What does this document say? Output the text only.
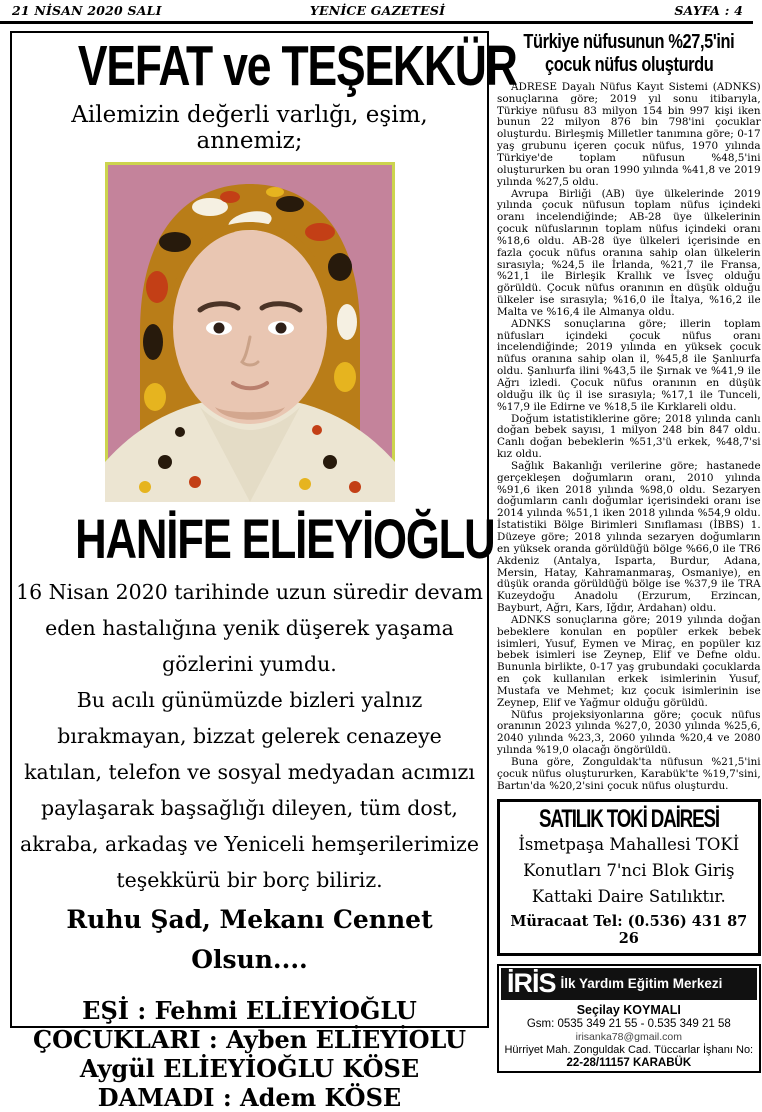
21 NİSAN 2020 SALI	YENİCE GAZETESİ	SAYFA : 4
VEFAT ve TEŞEKKÜR
Ailemizin değerli varlığı, eşim, annemiz;
HANİFE ELİEYİOĞLU

16 Nisan 2020 tarihinde uzun süredir devam eden hastalığına yenik düşerek yaşama gözlerini yumdu.

Bu acılı günümüzde bizleri yalnız bırakmayan, bizzat gelerek cenazeye katılan, telefon ve sosyal medyadan acımızı paylaşarak başsağlığı dileyen, tüm dost, akraba, arkadaş ve Yeniceli hemşerilerimize teşekkürü bir borç biliriz.

Ruhu Şad, Mekanı Cennet Olsun....

EŞİ : Fehmi ELİEYİOĞLU

ÇOCUKLARI : Ayben ELİEYİOLU

Aygül ELİEYİOĞLU KÖSE

DAMADI : Adem KÖSE

Türkiye nüfusunun %27,5'ini
çocuk nüfus oluşturdu

ADRESE Dayalı Nüfus Kayıt Sistemi (ADNKS) sonuçlarına göre; 2019 yıl sonu itibarıyla, Türkiye nüfusu 83 milyon 154 bin 997 kişi iken bunun 22 milyon 876 bin 798'ini çocuklar oluşturdu. Birleşmiş Milletler tanımına göre; 0-17 yaş grubunu içeren çocuk nüfus, 1970 yılında Türkiye'de toplam nüfusun %48,5'ini oluştururken bu oran 1990 yılında %41,8 ve 2019 yılında %27,5 oldu.

Avrupa Birliği (AB) üye ülkelerinde 2019 yılında çocuk nüfusun toplam nüfus içindeki oranı incelendiğinde; AB-28 üye ülkelerinin çocuk nüfuslarının toplam nüfus içindeki oranı %18,6 oldu. AB-28 üye ülkeleri içerisinde en fazla çocuk nüfus oranına sahip olan ülkelerin sırasıyla; %24,5 ile İrlanda, %21,7 ile Fransa, %21,1 ile Birleşik Krallık ve İsveç olduğu görüldü. Çocuk nüfus oranının en düşük olduğu ülkeler ise sırasıyla; %16,0 ile İtalya, %16,2 ile Malta ve %16,4 ile Almanya oldu.

ADNKS sonuçlarına göre; illerin toplam nüfusları içindeki çocuk nüfus oranı incelendiğinde; 2019 yılında en yüksek çocuk nüfus oranına sahip olan il, %45,8 ile Şanlıurfa oldu. Şanlıurfa ilini %43,5 ile Şırnak ve %41,9 ile Ağrı izledi. Çocuk nüfus oranının en düşük olduğu ilk üç il ise sırasıyla; %17,1 ile Tunceli, %17,9 ile Edirne ve %18,5 ile Kırklareli oldu.

Doğum istatistiklerine göre; 2018 yılında canlı doğan bebek sayısı, 1 milyon 248 bin 847 oldu. Canlı doğan bebeklerin %51,3'ü erkek, %48,7'si kız oldu.

Sağlık Bakanlığı verilerine göre; hastanede gerçekleşen doğumların oranı, 2010 yılında %91,6 iken 2018 yılında %98,0 oldu. Sezaryen doğumların canlı doğumlar içerisindeki oranı ise 2014 yılında %51,1 iken 2018 yılında %54,9 oldu. İstatistiki Bölge Birimleri Sınıflaması (İBBS) 1. Düzeye göre; 2018 yılında sezaryen doğumların en yüksek oranda görüldüğü bölge %66,0 ile TR6 Akdeniz (Antalya, Isparta, Burdur, Adana, Mersin, Hatay, Kahramanmaraş, Osmaniye), en düşük oranda görüldüğü bölge ise %37,9 ile TRA Kuzeydoğu Anadolu (Erzurum, Erzincan, Bayburt, Ağrı, Kars, Iğdır, Ardahan) oldu.

ADNKS sonuçlarına göre; 2019 yılında doğan bebeklere konulan en popüler erkek bebek isimleri, Yusuf, Eymen ve Miraç, en popüler kız bebek isimleri ise Zeynep, Elif ve Defne oldu. Bununla birlikte, 0-17 yaş grubundaki çocuklarda en çok kullanılan erkek isimlerinin Yusuf, Mustafa ve Mehmet; kız çocuk isimlerinin ise Zeynep, Elif ve Yağmur olduğu görüldü.

Nüfus projeksiyonlarına göre; çocuk nüfus oranının 2023 yılında %27,0, 2030 yılında %25,6, 2040 yılında %23,3, 2060 yılında %20,4 ve 2080 yılında %19,0 olacağı öngörüldü.

Buna göre, Zonguldak'ta nüfusun %21,5'ini çocuk nüfus oluştururken, Karabük'te %19,7'sini, Bartın'da %20,2'sini çocuk nüfus oluşturdu.

SATILIK TOKİ DAİRESİ

İsmetpaşa Mahallesi TOKİ

Konutları 7'nci Blok Giriş

Kattaki Daire Satılıktır.

Müracaat Tel: (0.536) 431 87 26
İRİS İlk Yardım Eğitim Merkezi
Seçilay KOYMALI
Gsm: 0535 349 21 55 - 0.535 349 21 58
irisanka78@gmail.com
Hürriyet Mah. Zonguldak Cad. Tüccarlar İşhanı No:
22-28/11157 KARABÜK
